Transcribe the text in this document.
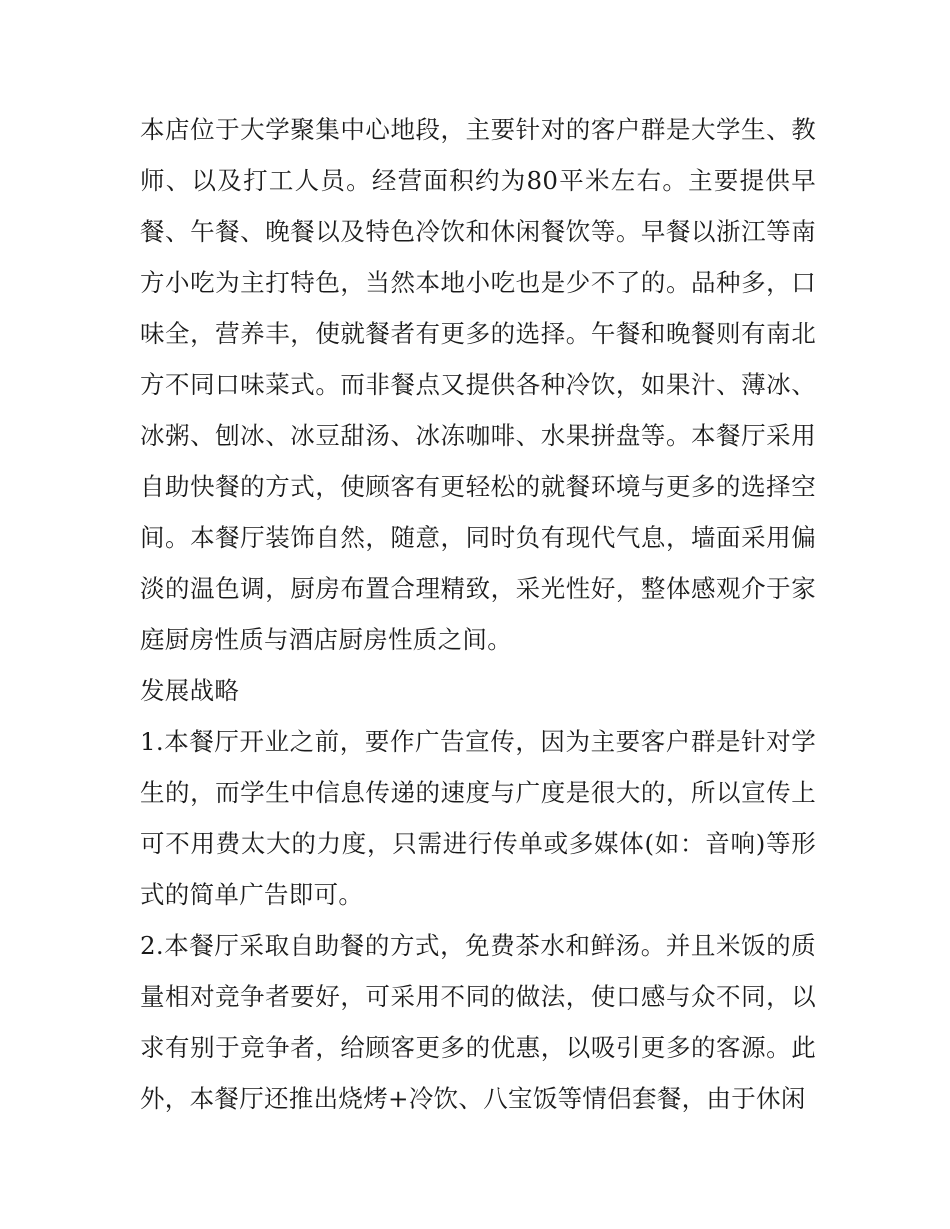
本店位于大学聚集中心地段，主要针对的客户群是大学生、教师、以及打工人员。经营面积约为80平米左右。主要提供早餐、午餐、晚餐以及特色冷饮和休闲餐饮等。早餐以浙江等南方小吃为主打特色，当然本地小吃也是少不了的。品种多，口味全，营养丰，使就餐者有更多的选择。午餐和晚餐则有南北方不同口味菜式。而非餐点又提供各种冷饮，如果汁、薄冰、冰粥、刨冰、冰豆甜汤、冰冻咖啡、水果拼盘等。本餐厅采用自助快餐的方式，使顾客有更轻松的就餐环境与更多的选择空间。本餐厅装饰自然，随意，同时负有现代气息，墙面采用偏淡的温色调，厨房布置合理精致，采光性好，整体感观介于家庭厨房性质与酒店厨房性质之间。

发展战略

1.本餐厅开业之前，要作广告宣传，因为主要客户群是针对学生的，而学生中信息传递的速度与广度是很大的，所以宣传上可不用费太大的力度，只需进行传单或多媒体(如：音响)等形式的简单广告即可。

2.本餐厅采取自助餐的方式，免费茶水和鲜汤。并且米饭的质量相对竞争者要好，可采用不同的做法，使口感与众不同，以求有别于竞争者，给顾客更多的优惠，以吸引更多的客源。此外，本餐厅还推出烧烤+冷饮、八宝饭等情侣套餐，由于休闲
